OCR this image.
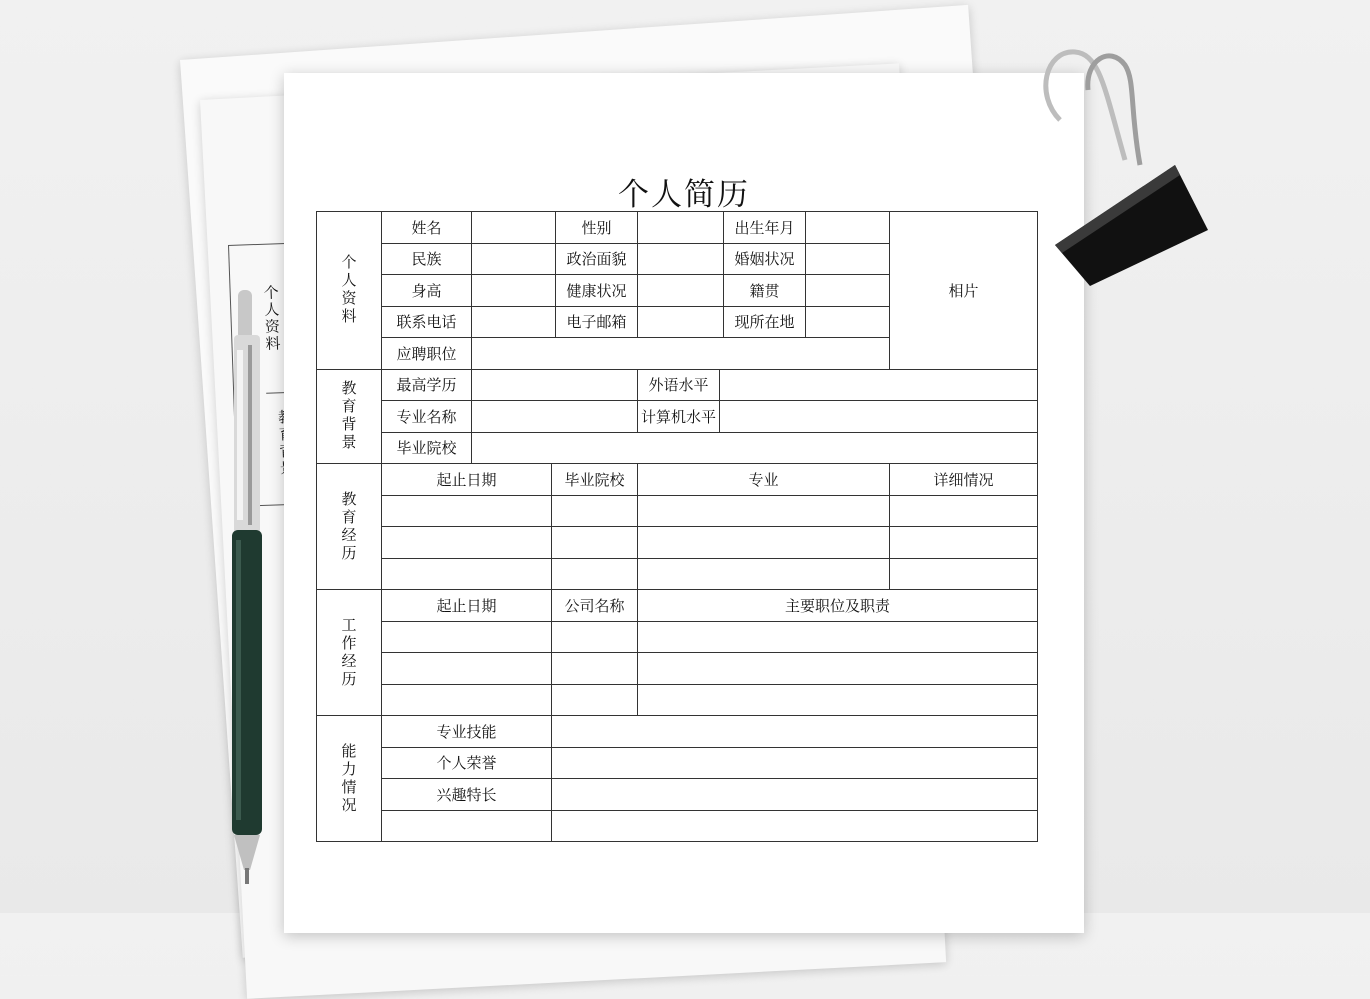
个人资料
个人简历
个人资料	姓名			性别			出生年月		相片
	民族			政治面貌			婚姻状况		
	身高			健康状况			籍贯		
	联系电话			电子邮箱			现所在地		
	应聘职位								
教育背景	最高学历				外语水平				
	专业名称				计算机水平				
	毕业院校								
教育经历	起止日期		毕业院校		专业				详细情况

工作经历	起止日期		公司名称		主要职位及职责				

能力情况	专业技能								
	个人荣誉								
	兴趣特长								
